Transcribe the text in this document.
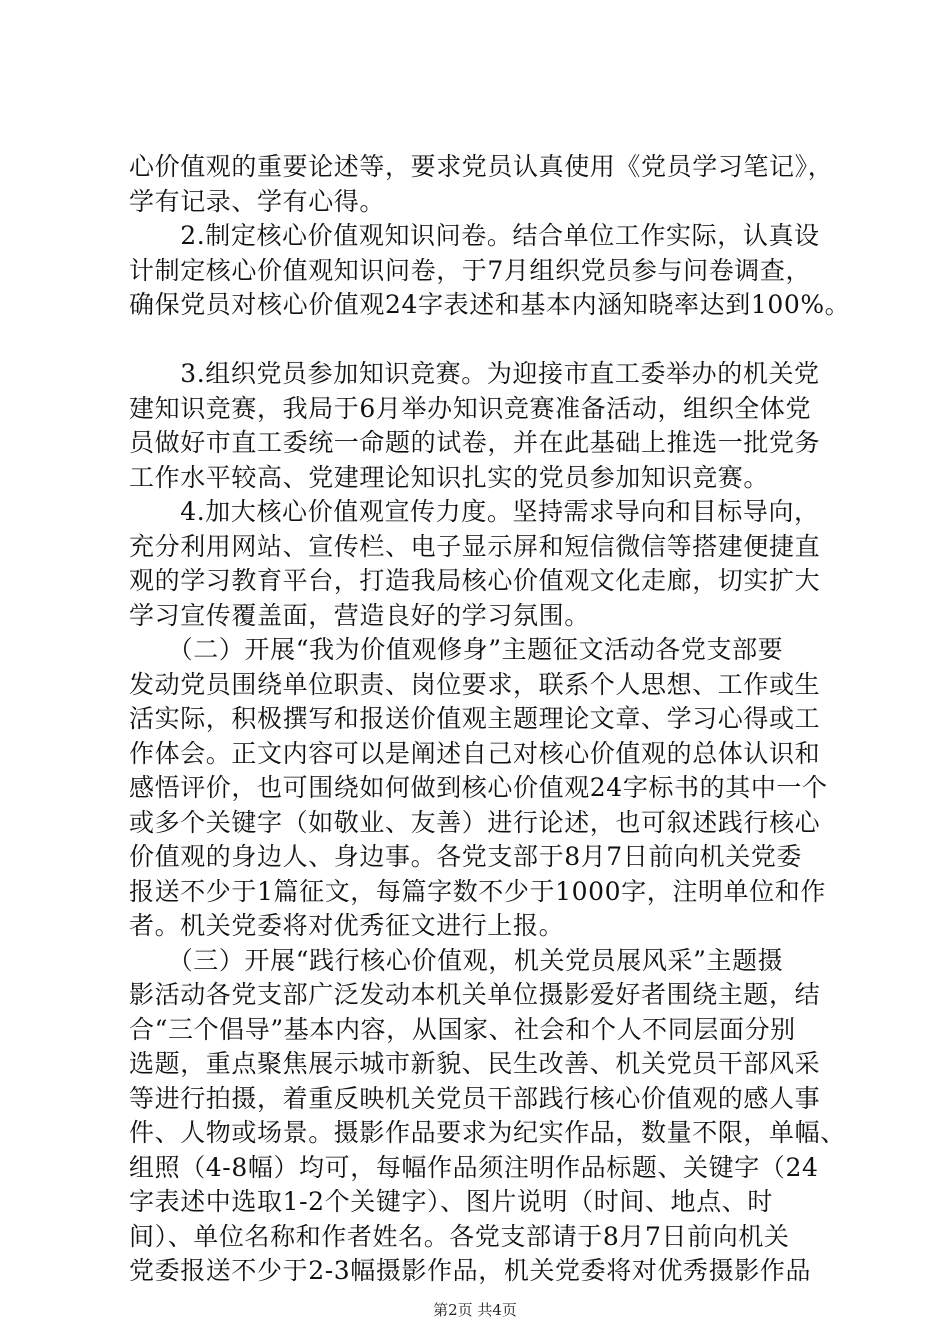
心价值观的重要论述等，要求党员认真使用《党员学习笔记》，
学有记录、学有心得。
　　2.制定核心价值观知识问卷。结合单位工作实际，认真设
计制定核心价值观知识问卷，于7月组织党员参与问卷调查，
确保党员对核心价值观24字表述和基本内涵知晓率达到100%。
　　3.组织党员参加知识竞赛。为迎接市直工委举办的机关党
建知识竞赛，我局于6月举办知识竞赛准备活动，组织全体党
员做好市直工委统一命题的试卷，并在此基础上推选一批党务
工作水平较高、党建理论知识扎实的党员参加知识竞赛。
　　4.加大核心价值观宣传力度。坚持需求导向和目标导向，
充分利用网站、宣传栏、电子显示屏和短信微信等搭建便捷直
观的学习教育平台，打造我局核心价值观文化走廊，切实扩大
学习宣传覆盖面，营造良好的学习氛围。
　　（二）开展“我为价值观修身”主题征文活动各党支部要
发动党员围绕单位职责、岗位要求，联系个人思想、工作或生
活实际，积极撰写和报送价值观主题理论文章、学习心得或工
作体会。正文内容可以是阐述自己对核心价值观的总体认识和
感悟评价，也可围绕如何做到核心价值观24字标书的其中一个
或多个关键字（如敬业、友善）进行论述，也可叙述践行核心
价值观的身边人、身边事。各党支部于8月7日前向机关党委
报送不少于1篇征文，每篇字数不少于1000字，注明单位和作
者。机关党委将对优秀征文进行上报。
　　（三）开展“践行核心价值观，机关党员展风采”主题摄
影活动各党支部广泛发动本机关单位摄影爱好者围绕主题，结
合“三个倡导”基本内容，从国家、社会和个人不同层面分别
选题，重点聚焦展示城市新貌、民生改善、机关党员干部风采
等进行拍摄，着重反映机关党员干部践行核心价值观的感人事
件、人物或场景。摄影作品要求为纪实作品，数量不限，单幅、
组照（4-8幅）均可，每幅作品须注明作品标题、关键字（24
字表述中选取1-2个关键字）、图片说明（时间、地点、时
间）、单位名称和作者姓名。各党支部请于8月7日前向机关
党委报送不少于2-3幅摄影作品，机关党委将对优秀摄影作品
第2页 共4页
